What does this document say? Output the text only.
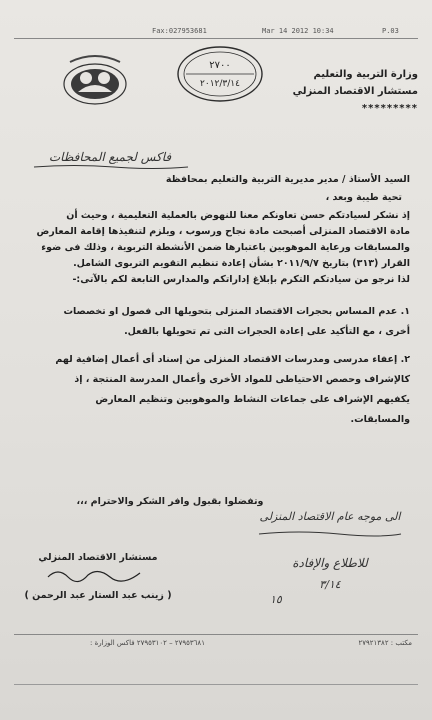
Fax:027953681	Mar 14 2012 10:34	P.03
٢٧٠٠
٢٠١٢/٣/١٤
وزارة التربية والتعليم
مستشار الاقتصاد المنزلي
*********
فاكس لجميع المحافظات
السيد الأستاذ / مدير مديرية التربية والتعليم بمحافظة
تحية طيبة وبعد ،
إذ نشكر لسيادتكم حسن تعاونكم معنا للنهوض بالعملية التعليمية ، وحيث أن
مادة الاقتصاد المنزلى أصبحت مادة نجاح ورسوب ، ويلزم لتنفيذها إقامة المعارض
والمسابقات ورعاية الموهوبين باعتبارها ضمن الأنشطة التربوية ، وذلك فى ضوء
القرار (٣١٣) بتاريخ ٢٠١١/٩/٧ بشأن إعادة تنظيم التقويم التربوى الشامل.
لذا نرجو من سيادتكم التكرم بإبلاغ إداراتكم والمدارس التابعة لكم بالآتى:-
١. عدم المساس بحجرات الاقتصاد المنزلى بتحويلها الى فصول او تخصصات
أخرى ، مع التأكيد على إعادة الحجرات التى تم تحويلها بالفعل.
٢. إعفاء مدرسى ومدرسات الاقتصاد المنزلى من إسناد أى أعمال إضافية لهم
كالإشراف وحصص الاحتياطى للمواد الأخرى وأعمال المدرسة المنتجة ، إذ
يكفيهم الإشراف على جماعات النشاط والموهوبين وتنظيم المعارض
والمسابقات.
وتفضلوا بقبول وافر الشكر والاحترام ،،،
الى موجه عام الاقتصاد المنزلى
للاطلاع والإفادة
٣/١٤
١٥
مستشار الاقتصاد المنزلي
( زينب عبد الستار عبد الرحمن )
٢٧٩٥٣٦٨١ – ٢٧٩٥٣١٠٢ فاكس الوزارة :	مكتب : ٢٧٩٢١٣٨٢
